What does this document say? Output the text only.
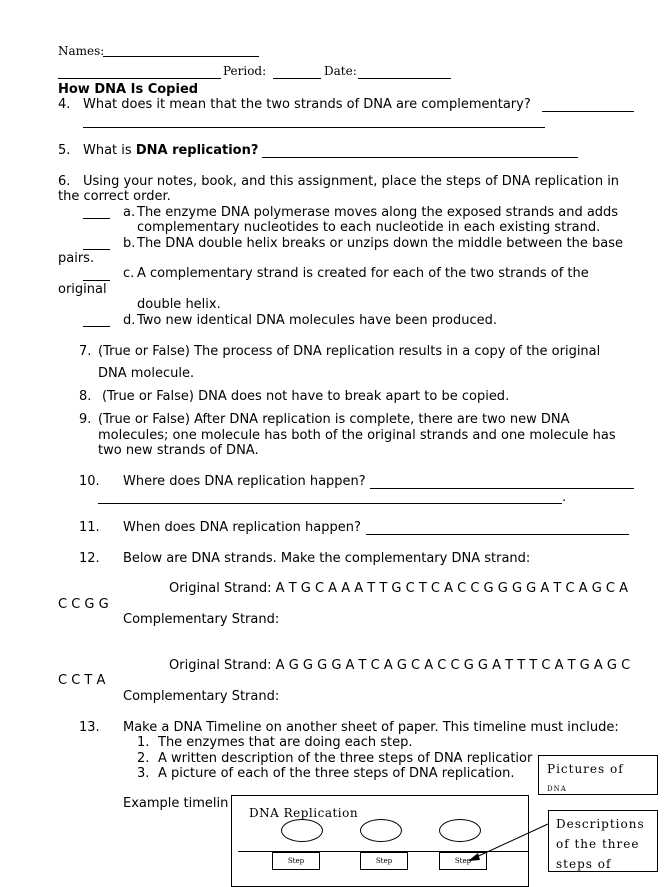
Names:
Period:	Date:
How DNA Is Copied
4. What does it mean that the two strands of DNA are complementary?
5. What is DNA replication?
6. Using your notes, book, and this assignment, place the steps of DNA replication in
the correct order.
a. The enzyme DNA polymerase moves along the exposed strands and adds
complementary nucleotides to each nucleotide in each existing strand.
b. The DNA double helix breaks or unzips down the middle between the base
pairs.
c. A complementary strand is created for each of the two strands of the
original
double helix.
d. Two new identical DNA molecules have been produced.
7. (True or False) The process of DNA replication results in a copy of the original
DNA molecule.
8. (True or False) DNA does not have to break apart to be copied.
9. (True or False) After DNA replication is complete, there are two new DNA
molecules; one molecule has both of the original strands and one molecule has
two new strands of DNA.
10. Where does DNA replication happen?
.
11. When does DNA replication happen?
12. Below are DNA strands. Make the complementary DNA strand:
Original Strand: A T G C A A A T T G C T C A C C G G G G A T C A G C A
C C G G
Complementary Strand:
Original Strand: A G G G G A T C A G C A C C G G A T T T C A T G A G C
C C T A
Complementary Strand:
13. Make a DNA Timeline on another sheet of paper. This timeline must include:
1. The enzymes that are doing each step.
2. A written description of the three steps of DNA replicatior
3. A picture of each of the three steps of DNA replication.
Example timelin
DNA Replication
Step	Step	Step
Pictures of
DNA
Descriptions
of the three
steps of
